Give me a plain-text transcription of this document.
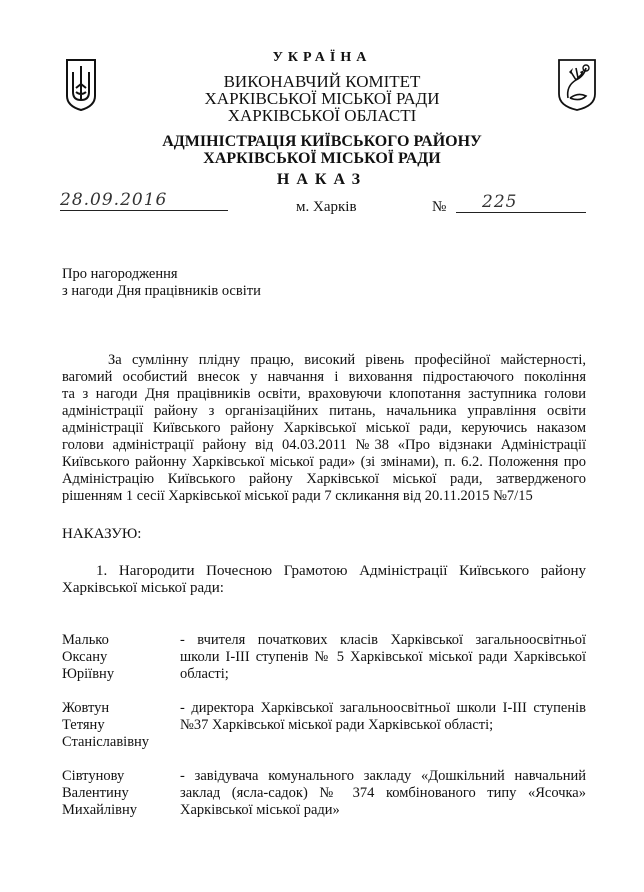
УКРАЇНА
ВИКОНАВЧИЙ КОМІТЕТ
ХАРКІВСЬКОЇ МІСЬКОЇ РАДИ
ХАРКІВСЬКОЇ ОБЛАСТІ
АДМІНІСТРАЦІЯ КИЇВСЬКОГО РАЙОНУ
ХАРКІВСЬКОЇ МІСЬКОЇ РАДИ
НАКАЗ
28.09.2016	м. Харків	№	225
Про нагородження
з нагоди Дня працівників освіти
За сумлінну плідну працю, високий рівень професійної майстерності,
вагомий особистий внесок у навчання і виховання підростаючого покоління
та з нагоди Дня працівників освіти, враховуючи клопотання заступника голови
адміністрації району з організаційних питань, начальника управління освіти
адміністрації Київського району Харківської міської ради, керуючись наказом
голови адміністрації району від 04.03.2011 №38 «Про відзнаки Адміністрації
Київського районну Харківської міської ради» (зі змінами), п. 6.2. Положення про
Адміністрацію Київського району Харківської міської ради, затвердженого
рішенням 1 сесії Харківської міської ради 7 скликання від 20.11.2015 №7/15
НАКАЗУЮ:
1. Нагородити Почесною Грамотою Адміністрації Київського району
Харківської міської ради:
Малько
Оксану
Юріївну
- вчителя початкових класів Харківської загальноосвітньої
школи І-ІІІ ступенів № 5 Харківської міської ради Харківської
області;
Жовтун
Тетяну
Станіславівну
- директора Харківської загальноосвітньої школи І-ІІІ ступенів
№37 Харківської міської ради Харківської області;
Сівтунову
Валентину
Михайлівну
- завідувача комунального закладу «Дошкільний навчальний
заклад (ясла-садок) № 374 комбінованого типу «Ясочка»
Харківської міської ради»
